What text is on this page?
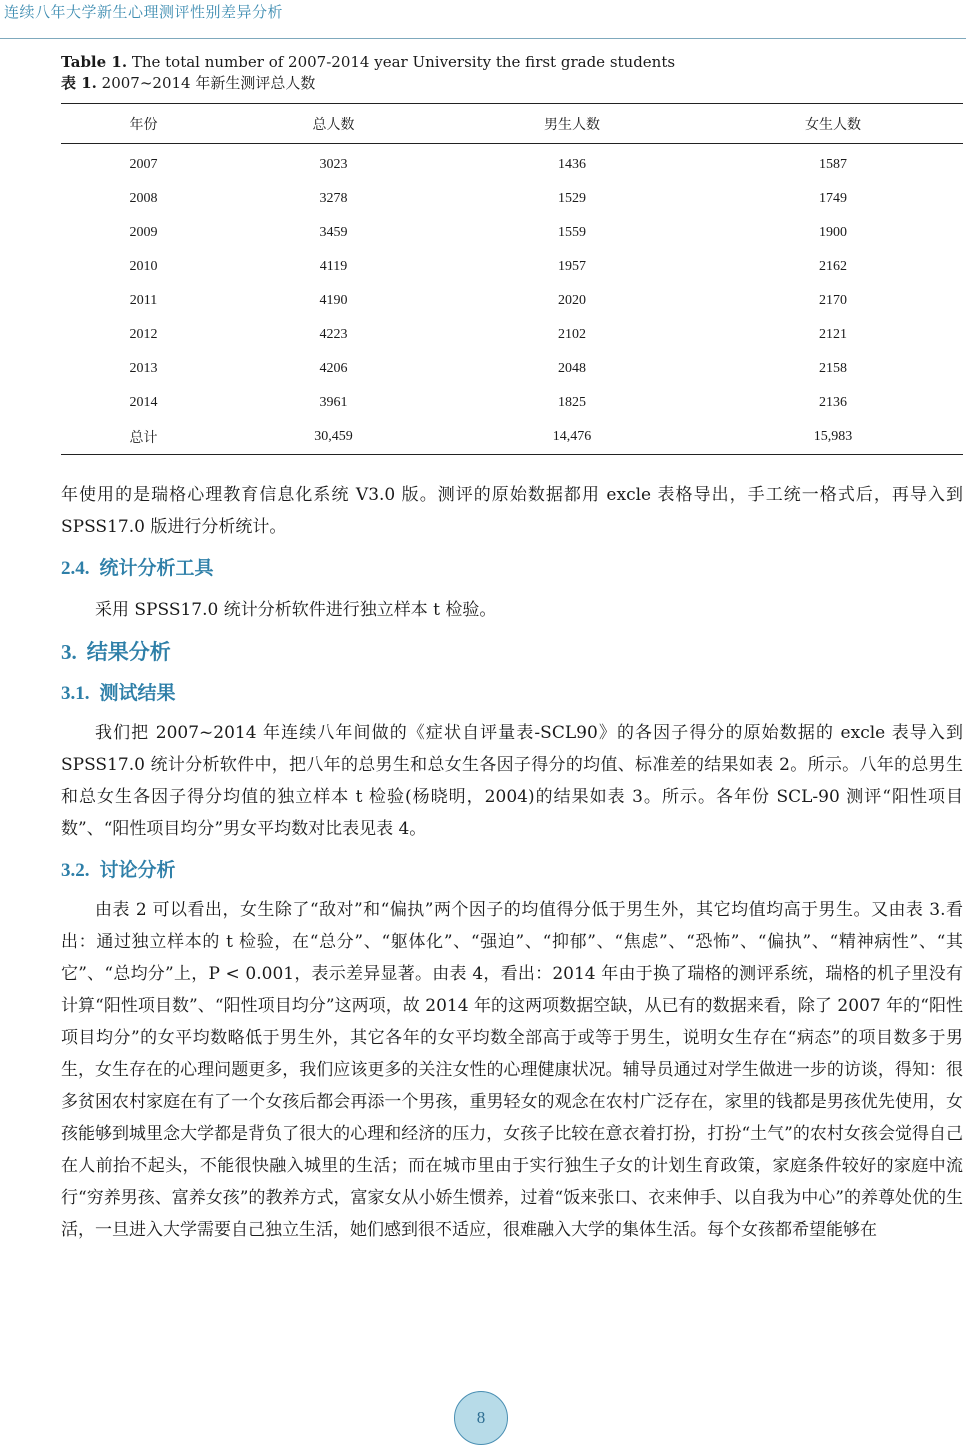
连续八年大学新生心理测评性别差异分析
Table 1. The total number of 2007-2014 year University the first grade students
表 1. 2007~2014 年新生测评总人数
年份	总人数	男生人数	女生人数
2007	3023	1436	1587
2008	3278	1529	1749
2009	3459	1559	1900
2010	4119	1957	2162
2011	4190	2020	2170
2012	4223	2102	2121
2013	4206	2048	2158
2014	3961	1825	2136
总计	30,459	14,476	15,983

年使用的是瑞格心理教育信息化系统 V3.0 版。测评的原始数据都用 excle 表格导出，手工统一格式后，再导入到 SPSS17.0 版进行分析统计。

2.4. 统计分析工具

采用 SPSS17.0 统计分析软件进行独立样本 t 检验。

3. 结果分析
3.1. 测试结果

我们把 2007~2014 年连续八年间做的《症状自评量表-SCL90》的各因子得分的原始数据的 excle 表导入到 SPSS17.0 统计分析软件中，把八年的总男生和总女生各因子得分的均值、标准差的结果如表 2。所示。八年的总男生和总女生各因子得分均值的独立样本 t 检验(杨晓明，2004)的结果如表 3。所示。各年份 SCL-90 测评“阳性项目数”、“阳性项目均分”男女平均数对比表见表 4。

3.2. 讨论分析

由表 2 可以看出，女生除了“敌对”和“偏执”两个因子的均值得分低于男生外，其它均值均高于男生。又由表 3.看出：通过独立样本的 t 检验，在“总分”、“躯体化”、“强迫”、“抑郁”、“焦虑”、“恐怖”、“偏执”、“精神病性”、“其它”、“总均分”上，P < 0.001，表示差异显著。由表 4，看出：2014 年由于换了瑞格的测评系统，瑞格的机子里没有计算“阳性项目数”、“阳性项目均分”这两项，故 2014 年的这两项数据空缺，从已有的数据来看，除了 2007 年的“阳性项目均分”的女平均数略低于男生外，其它各年的女平均数全部高于或等于男生，说明女生存在“病态”的项目数多于男生，女生存在的心理问题更多，我们应该更多的关注女性的心理健康状况。辅导员通过对学生做进一步的访谈，得知：很多贫困农村家庭在有了一个女孩后都会再添一个男孩，重男轻女的观念在农村广泛存在，家里的钱都是男孩优先使用，女孩能够到城里念大学都是背负了很大的心理和经济的压力，女孩子比较在意衣着打扮，打扮“土气”的农村女孩会觉得自己在人前抬不起头，不能很快融入城里的生活；而在城市里由于实行独生子女的计划生育政策，家庭条件较好的家庭中流行“穷养男孩、富养女孩”的教养方式，富家女从小娇生惯养，过着“饭来张口、衣来伸手、以自我为中心”的养尊处优的生活，一旦进入大学需要自己独立生活，她们感到很不适应，很难融入大学的集体生活。每个女孩都希望能够在

8
